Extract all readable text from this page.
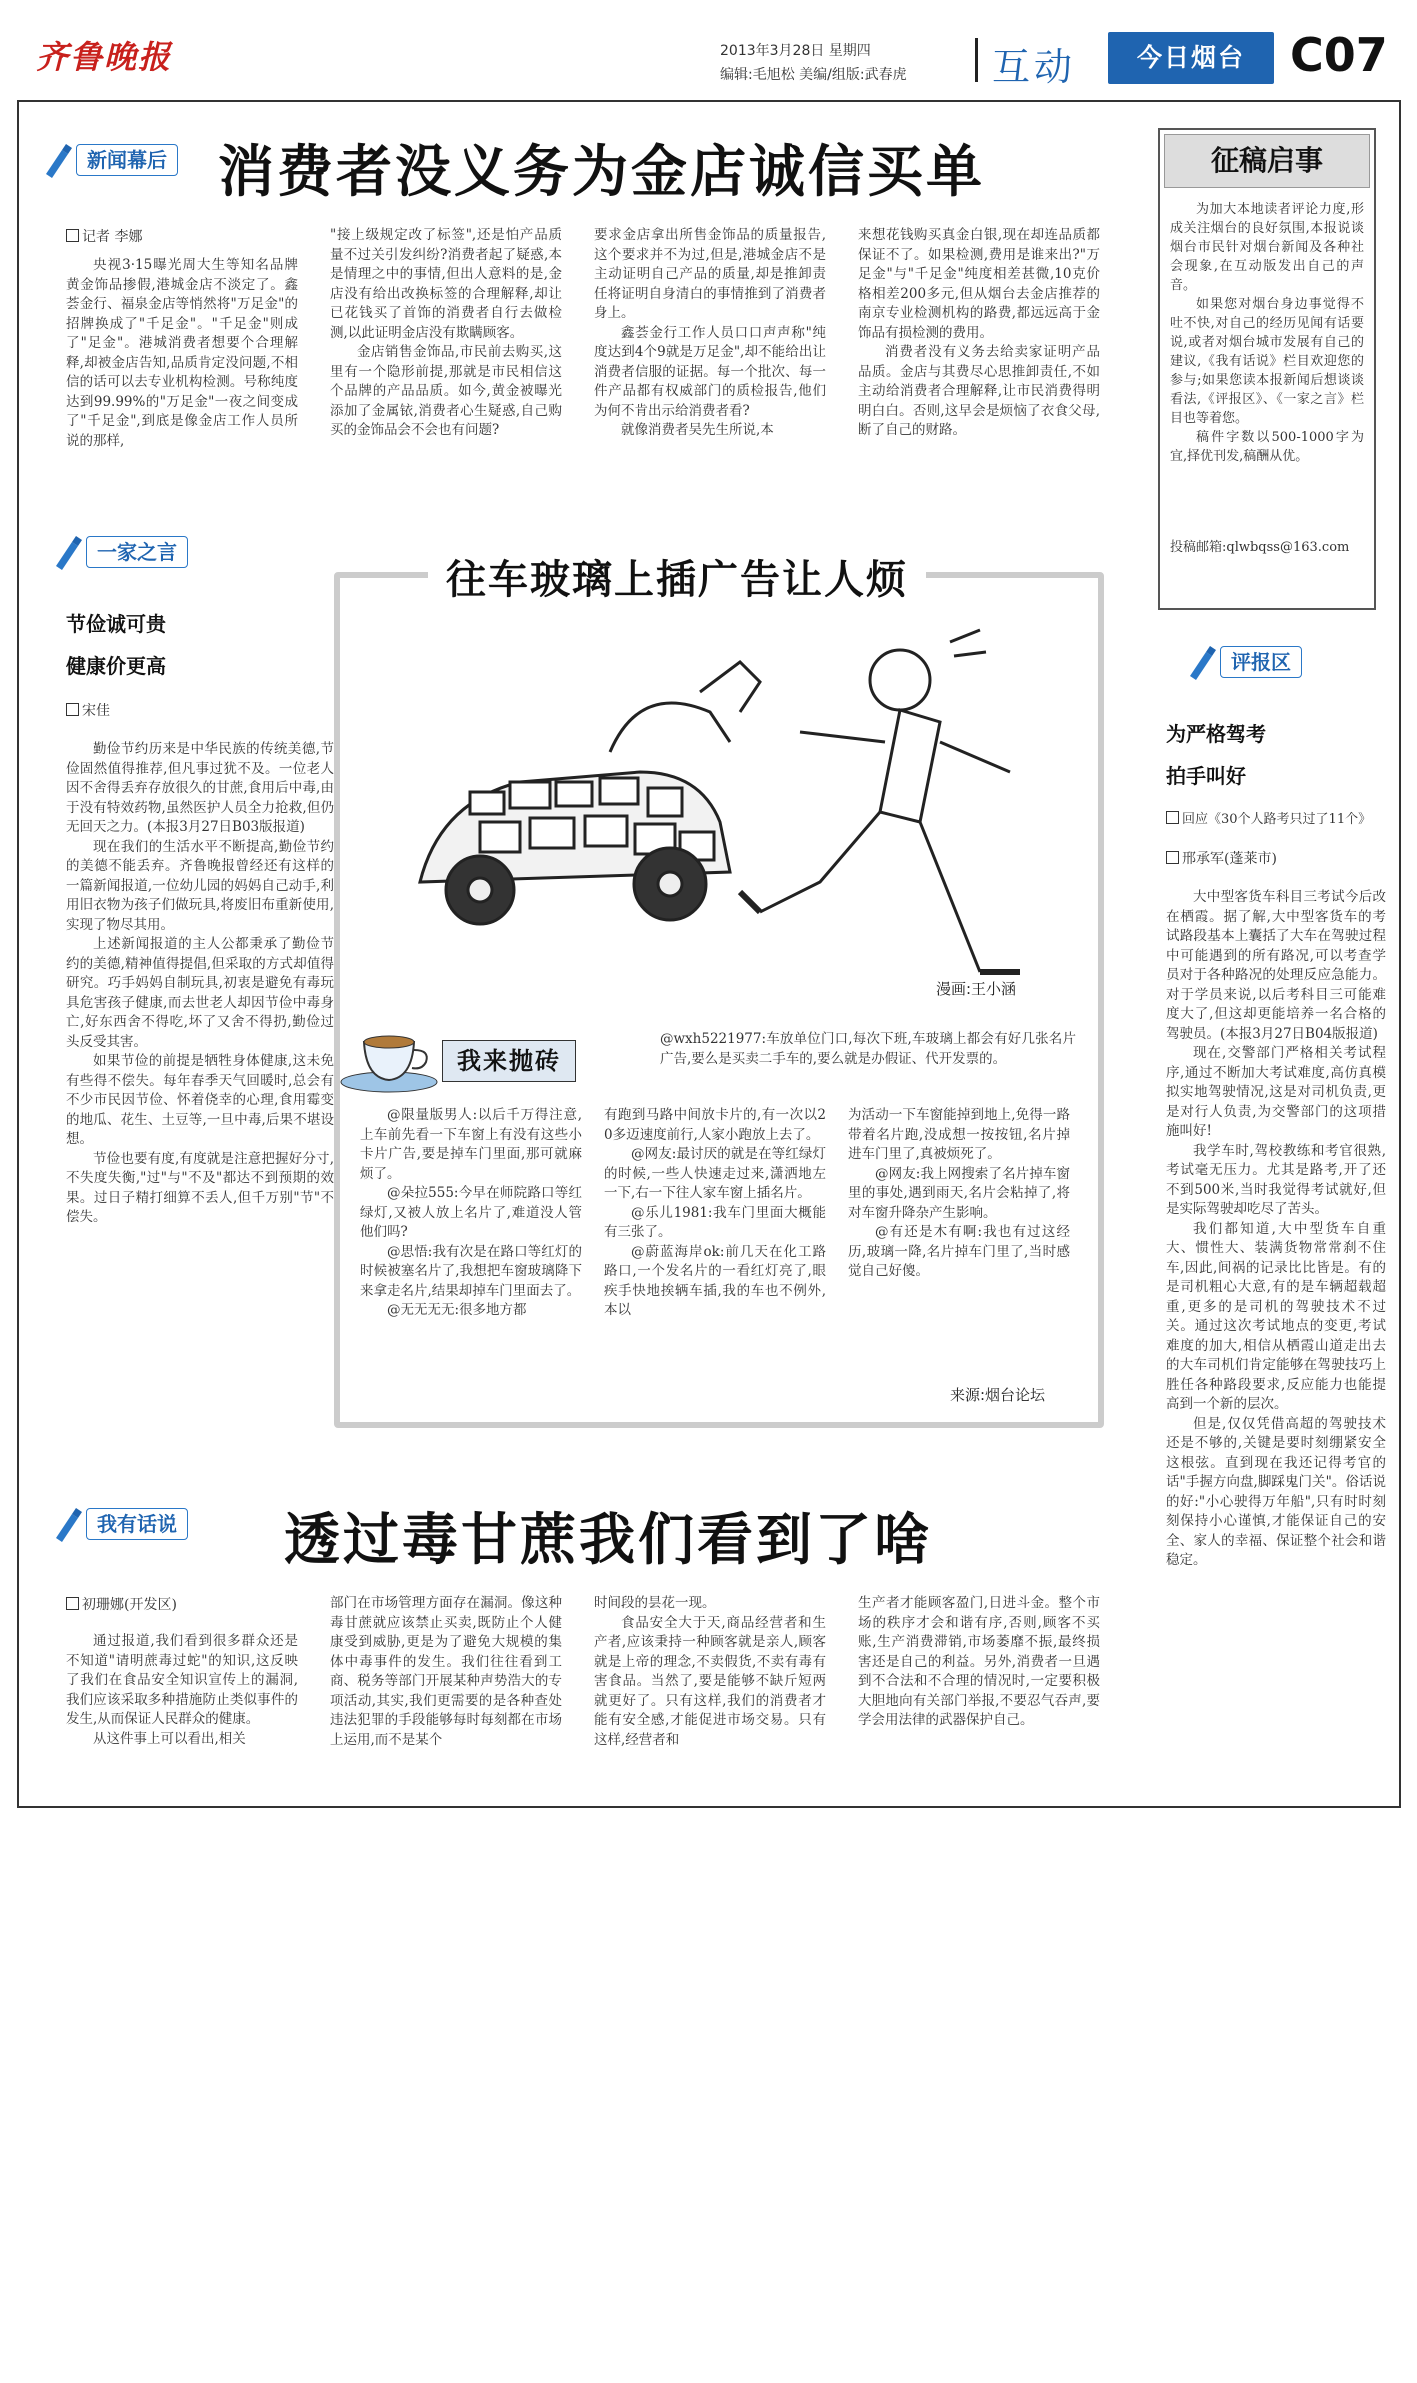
齐鲁晚报	2013年3月28日 星期四
编辑:毛旭松 美编/组版:武春虎 互动	今日烟台 C07
新闻幕后 消费者没义务为金店诚信买单
记者 李娜

央视3·15曝光周大生等知名品牌黄金饰品掺假,港城金店不淡定了。鑫荟金行、福泉金店等悄然将"万足金"的招牌换成了"千足金"。"千足金"则成了"足金"。港城消费者想要个合理解释,却被金店告知,品质肯定没问题,不相信的话可以去专业机构检测。号称纯度达到99.99%的"万足金"一夜之间变成了"千足金",到底是像金店工作人员所说的那样,

"接上级规定改了标签",还是怕产品质量不过关引发纠纷?消费者起了疑惑,本是情理之中的事情,但出人意料的是,金店没有给出改换标签的合理解释,却让已花钱买了首饰的消费者自行去做检测,以此证明金店没有欺瞒顾客。

金店销售金饰品,市民前去购买,这里有一个隐形前提,那就是市民相信这个品牌的产品品质。如今,黄金被曝光添加了金属铱,消费者心生疑惑,自己购买的金饰品会不会也有问题?

要求金店拿出所售金饰品的质量报告,这个要求并不为过,但是,港城金店不是主动证明自己产品的质量,却是推卸责任将证明自身清白的事情推到了消费者身上。

鑫荟金行工作人员口口声声称"纯度达到4个9就是万足金",却不能给出让消费者信服的证据。每一个批次、每一件产品都有权威部门的质检报告,他们为何不肯出示给消费者看?

就像消费者吴先生所说,本

来想花钱购买真金白银,现在却连品质都保证不了。如果检测,费用是谁来出?"万足金"与"千足金"纯度相差甚微,10克价格相差200多元,但从烟台去金店推荐的南京专业检测机构的路费,都远远高于金饰品有损检测的费用。

消费者没有义务去给卖家证明产品品质。金店与其费尽心思推卸责任,不如主动给消费者合理解释,让市民消费得明明白白。否则,这早会是烦恼了衣食父母,断了自己的财路。

征稿启事

为加大本地读者评论力度,形成关注烟台的良好氛围,本报说谈烟台市民针对烟台新闻及各种社会现象,在互动版发出自己的声音。

如果您对烟台身边事觉得不吐不快,对自己的经历见闻有话要说,或者对烟台城市发展有自己的建议,《我有话说》栏目欢迎您的参与;如果您读本报新闻后想谈谈看法,《评报区》、《一家之言》栏目也等着您。

稿件字数以500-1000字为宜,择优刊发,稿酬从优。

投稿邮箱:qlwbqss@163.com
一家之言
节俭诚可贵
健康价更高
宋佳

勤俭节约历来是中华民族的传统美德,节俭固然值得推荐,但凡事过犹不及。一位老人因不舍得丢弃存放很久的甘蔗,食用后中毒,由于没有特效药物,虽然医护人员全力抢救,但仍无回天之力。(本报3月27日B03版报道)

现在我们的生活水平不断提高,勤俭节约的美德不能丢弃。齐鲁晚报曾经还有这样的一篇新闻报道,一位幼儿园的妈妈自己动手,利用旧衣物为孩子们做玩具,将废旧布重新使用,实现了物尽其用。

上述新闻报道的主人公都秉承了勤俭节约的美德,精神值得提倡,但采取的方式却值得研究。巧手妈妈自制玩具,初衷是避免有毒玩具危害孩子健康,而去世老人却因节俭中毒身亡,好东西舍不得吃,坏了又舍不得扔,勤俭过头反受其害。

如果节俭的前提是牺牲身体健康,这未免有些得不偿失。每年春季天气回暖时,总会有不少市民因节俭、怀着侥幸的心理,食用霉变的地瓜、花生、土豆等,一旦中毒,后果不堪设想。

节俭也要有度,有度就是注意把握好分寸,不失度失衡,"过"与"不及"都达不到预期的效果。过日子精打细算不丢人,但千万别"节"不偿失。

往车玻璃上插广告让人烦
漫画:王小涵
我来抛砖
@wxh5221977:车放单位门口,每次下班,车玻璃上都会有好几张名片广告,要么是买卖二手车的,要么就是办假证、代开发票的。

@限量版男人:以后千万得注意,上车前先看一下车窗上有没有这些小卡片广告,要是掉车门里面,那可就麻烦了。

@朵拉555:今早在师院路口等红绿灯,又被人放上名片了,难道没人管他们吗?

@思悟:我有次是在路口等红灯的时候被塞名片了,我想把车窗玻璃降下来拿走名片,结果却掉车门里面去了。

@无无无无:很多地方都

有跑到马路中间放卡片的,有一次以20多迈速度前行,人家小跑放上去了。

@网友:最讨厌的就是在等红绿灯的时候,一些人快速走过来,潇洒地左一下,右一下往人家车窗上插名片。

@乐儿1981:我车门里面大概能有三张了。

@蔚蓝海岸ok:前几天在化工路路口,一个发名片的一看红灯亮了,眼疾手快地挨辆车插,我的车也不例外,本以

为活动一下车窗能掉到地上,免得一路带着名片跑,没成想一按按钮,名片掉进车门里了,真被烦死了。

@网友:我上网搜索了名片掉车窗里的事处,遇到雨天,名片会粘掉了,将对车窗升降杂产生影响。

@有还是木有啊:我也有过这经历,玻璃一降,名片掉车门里了,当时感觉自己好傻。

来源:烟台论坛
评报区
为严格驾考
拍手叫好
回应《30个人路考只过了11个》
邢承军(蓬莱市)

大中型客货车科目三考试今后改在栖霞。据了解,大中型客货车的考试路段基本上囊括了大车在驾驶过程中可能遇到的所有路况,可以考查学员对于各种路况的处理反应急能力。对于学员来说,以后考科目三可能难度大了,但这却更能培养一名合格的驾驶员。(本报3月27日B04版报道)

现在,交警部门严格相关考试程序,通过不断加大考试难度,高仿真模拟实地驾驶情况,这是对司机负责,更是对行人负责,为交警部门的这项措施叫好!

我学车时,驾校教练和考官很熟,考试毫无压力。尤其是路考,开了还不到500米,当时我觉得考试就好,但是实际驾驶却吃尽了苦头。

我们都知道,大中型货车自重大、惯性大、装满货物常常刹不住车,因此,间祸的记录比比皆是。有的是司机粗心大意,有的是车辆超载超重,更多的是司机的驾驶技术不过关。通过这次考试地点的变更,考试难度的加大,相信从栖霞山道走出去的大车司机们肯定能够在驾驶技巧上胜任各种路段要求,反应能力也能提高到一个新的层次。

但是,仅仅凭借高超的驾驶技术还是不够的,关键是要时刻绷紧安全这根弦。直到现在我还记得考官的话"手握方向盘,脚踩鬼门关"。俗话说的好:"小心驶得万年船",只有时时刻刻保持小心谨慎,才能保证自己的安全、家人的幸福、保证整个社会和谐稳定。

我有话说 透过毒甘蔗我们看到了啥
初珊娜(开发区)

通过报道,我们看到很多群众还是不知道"请明蔗毒过蛇"的知识,这反映了我们在食品安全知识宣传上的漏洞,我们应该采取多种措施防止类似事件的发生,从而保证人民群众的健康。

从这件事上可以看出,相关

部门在市场管理方面存在漏洞。像这种毒甘蔗就应该禁止买卖,既防止个人健康受到威胁,更是为了避免大规模的集体中毒事件的发生。我们往往看到工商、税务等部门开展某种声势浩大的专项活动,其实,我们更需要的是各种查处违法犯罪的手段能够每时每刻都在市场上运用,而不是某个

时间段的昙花一现。

食品安全大于天,商品经营者和生产者,应该秉持一种顾客就是亲人,顾客就是上帝的理念,不卖假货,不卖有毒有害食品。当然了,要是能够不缺斤短两就更好了。只有这样,我们的消费者才能有安全感,才能促进市场交易。只有这样,经营者和

生产者才能顾客盈门,日进斗金。整个市场的秩序才会和谐有序,否则,顾客不买账,生产消费滞销,市场萎靡不振,最终损害还是自己的利益。另外,消费者一旦遇到不合法和不合理的情况时,一定要积极大胆地向有关部门举报,不要忍气吞声,要学会用法律的武器保护自己。
